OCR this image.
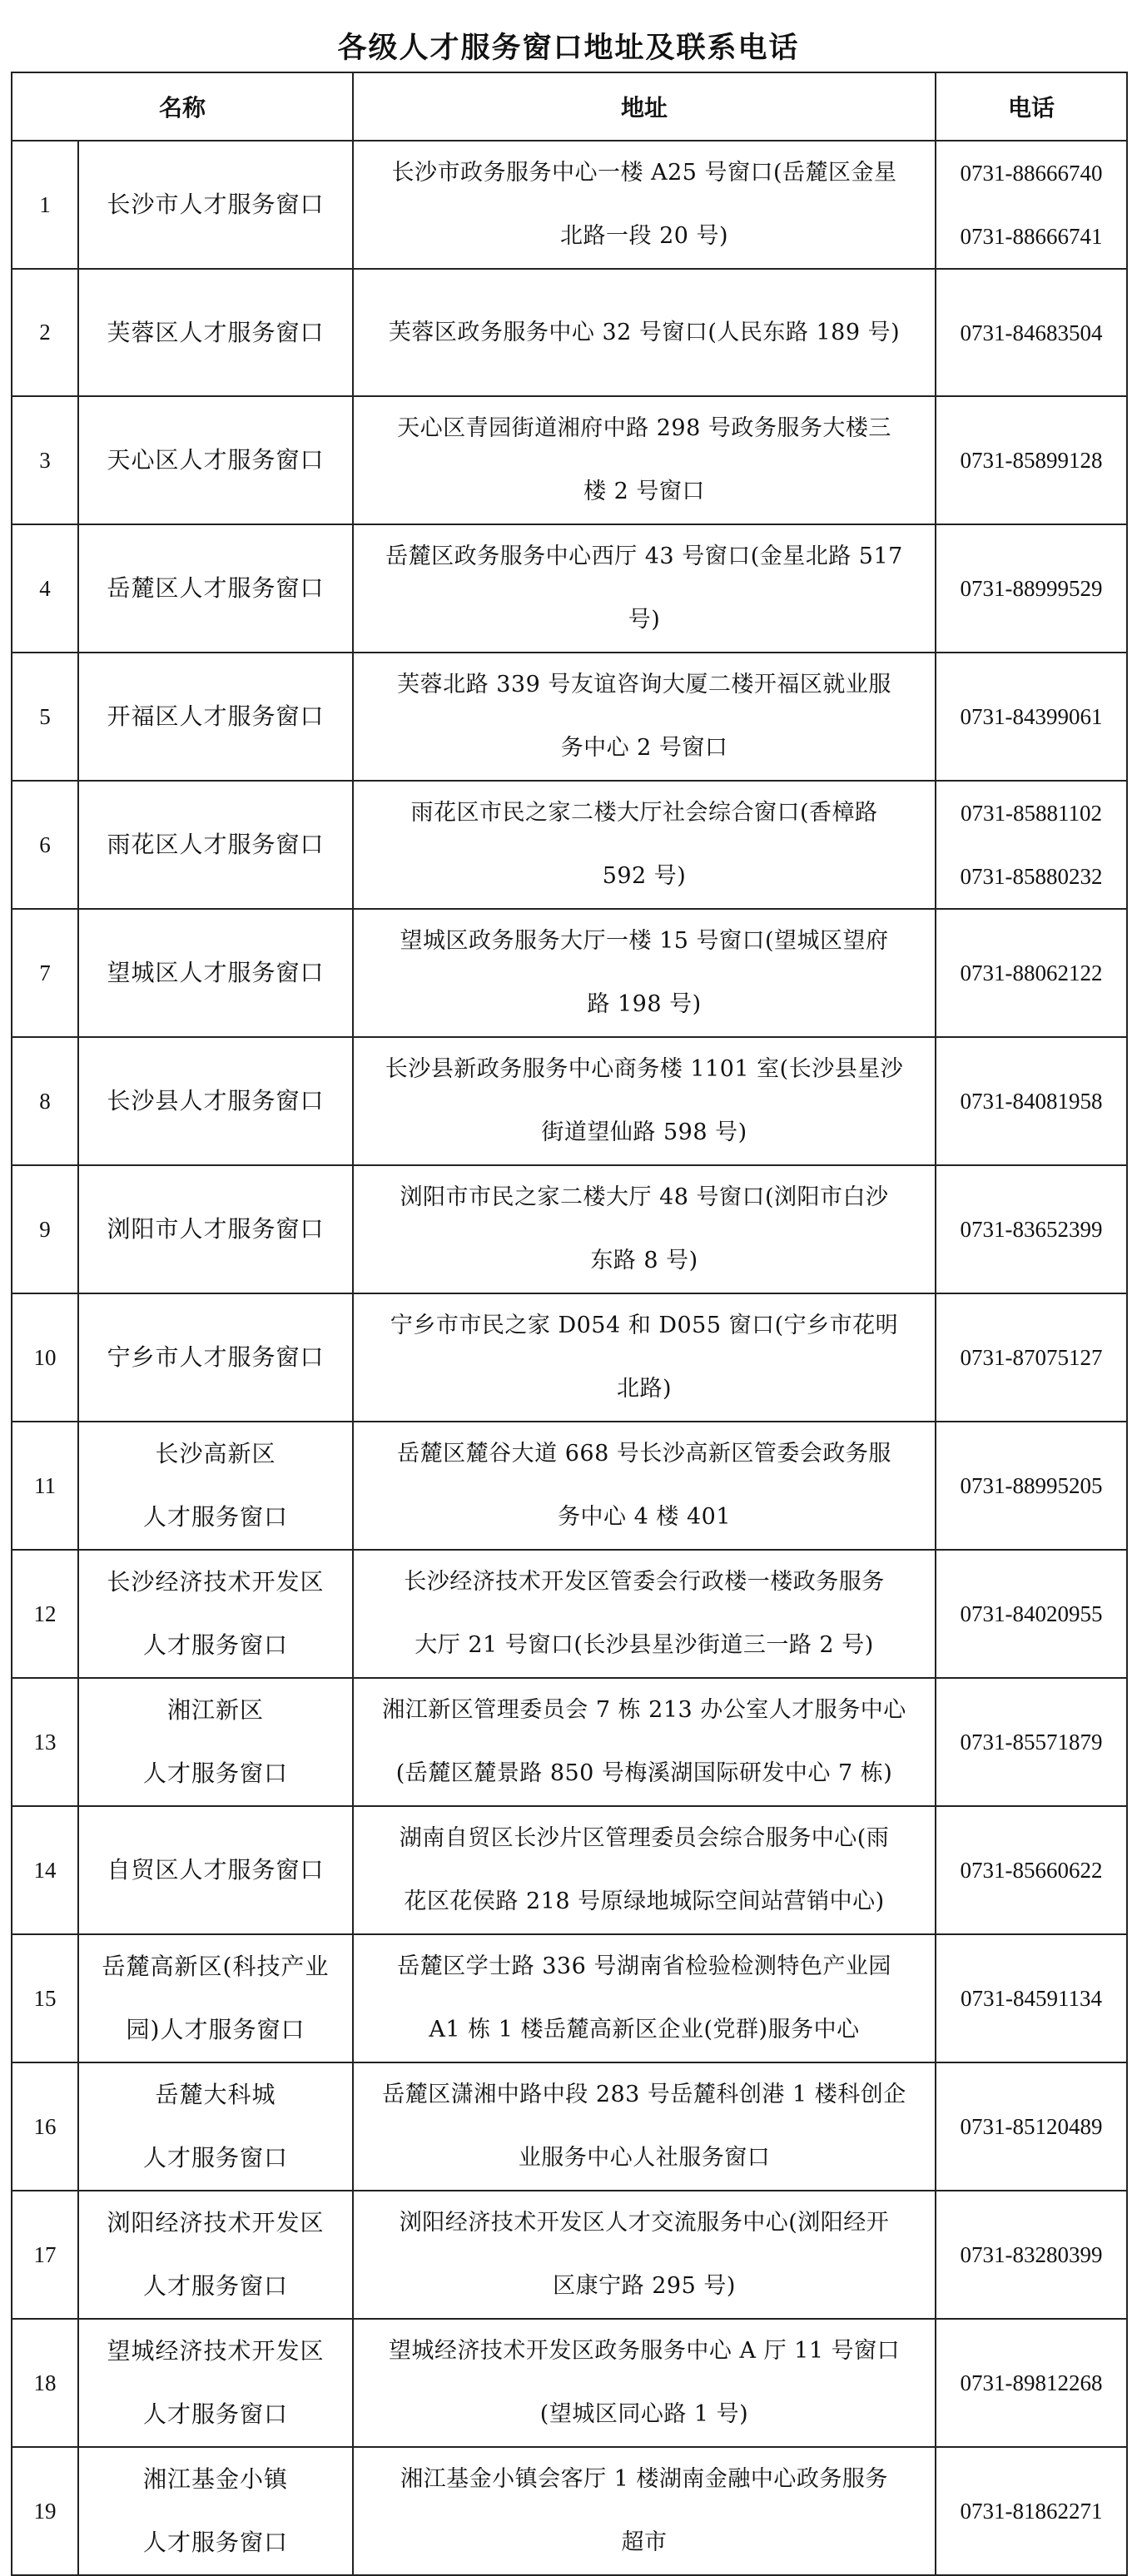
各级人才服务窗口地址及联系电话
名称		地址	电话
1	长沙市人才服务窗口	长沙市政务服务中心一楼 A25 号窗口(岳麓区金星
北路一段 20 号)	0731-88666740
0731-88666741

2	芙蓉区人才服务窗口	芙蓉区政务服务中心 32 号窗口(人民东路 189 号)	0731-84683504

3	天心区人才服务窗口	天心区青园街道湘府中路 298 号政务服务大楼三
楼 2 号窗口	0731-85899128

4	岳麓区人才服务窗口	岳麓区政务服务中心西厅 43 号窗口(金星北路 517
号)	0731-88999529

5	开福区人才服务窗口	芙蓉北路 339 号友谊咨询大厦二楼开福区就业服
务中心 2 号窗口	0731-84399061

6	雨花区人才服务窗口	雨花区市民之家二楼大厅社会综合窗口(香樟路
592 号)	0731-85881102
0731-85880232

7	望城区人才服务窗口	望城区政务服务大厅一楼 15 号窗口(望城区望府
路 198 号)	0731-88062122

8	长沙县人才服务窗口	长沙县新政务服务中心商务楼 1101 室(长沙县星沙
街道望仙路 598 号)	0731-84081958

9	浏阳市人才服务窗口	浏阳市市民之家二楼大厅 48 号窗口(浏阳市白沙
东路 8 号)	0731-83652399

10	宁乡市人才服务窗口	宁乡市市民之家 D054 和 D055 窗口(宁乡市花明
北路)	0731-87075127

11	长沙高新区
人才服务窗口	岳麓区麓谷大道 668 号长沙高新区管委会政务服
务中心 4 楼 401	0731-88995205

12	长沙经济技术开发区
人才服务窗口	长沙经济技术开发区管委会行政楼一楼政务服务
大厅 21 号窗口(长沙县星沙街道三一路 2 号)	0731-84020955

13	湘江新区
人才服务窗口	湘江新区管理委员会 7 栋 213 办公室人才服务中心
(岳麓区麓景路 850 号梅溪湖国际研发中心 7 栋)	0731-85571879

14	自贸区人才服务窗口	湖南自贸区长沙片区管理委员会综合服务中心(雨
花区花侯路 218 号原绿地城际空间站营销中心)	0731-85660622

15	岳麓高新区(科技产业
园)人才服务窗口	岳麓区学士路 336 号湖南省检验检测特色产业园
A1 栋 1 楼岳麓高新区企业(党群)服务中心	0731-84591134

16	岳麓大科城
人才服务窗口	岳麓区潇湘中路中段 283 号岳麓科创港 1 楼科创企
业服务中心人社服务窗口	0731-85120489

17	浏阳经济技术开发区
人才服务窗口	浏阳经济技术开发区人才交流服务中心(浏阳经开
区康宁路 295 号)	0731-83280399

18	望城经济技术开发区
人才服务窗口	望城经济技术开发区政务服务中心 A 厅 11 号窗口
(望城区同心路 1 号)	0731-89812268

19	湘江基金小镇
人才服务窗口	湘江基金小镇会客厅 1 楼湖南金融中心政务服务
超市	0731-81862271
